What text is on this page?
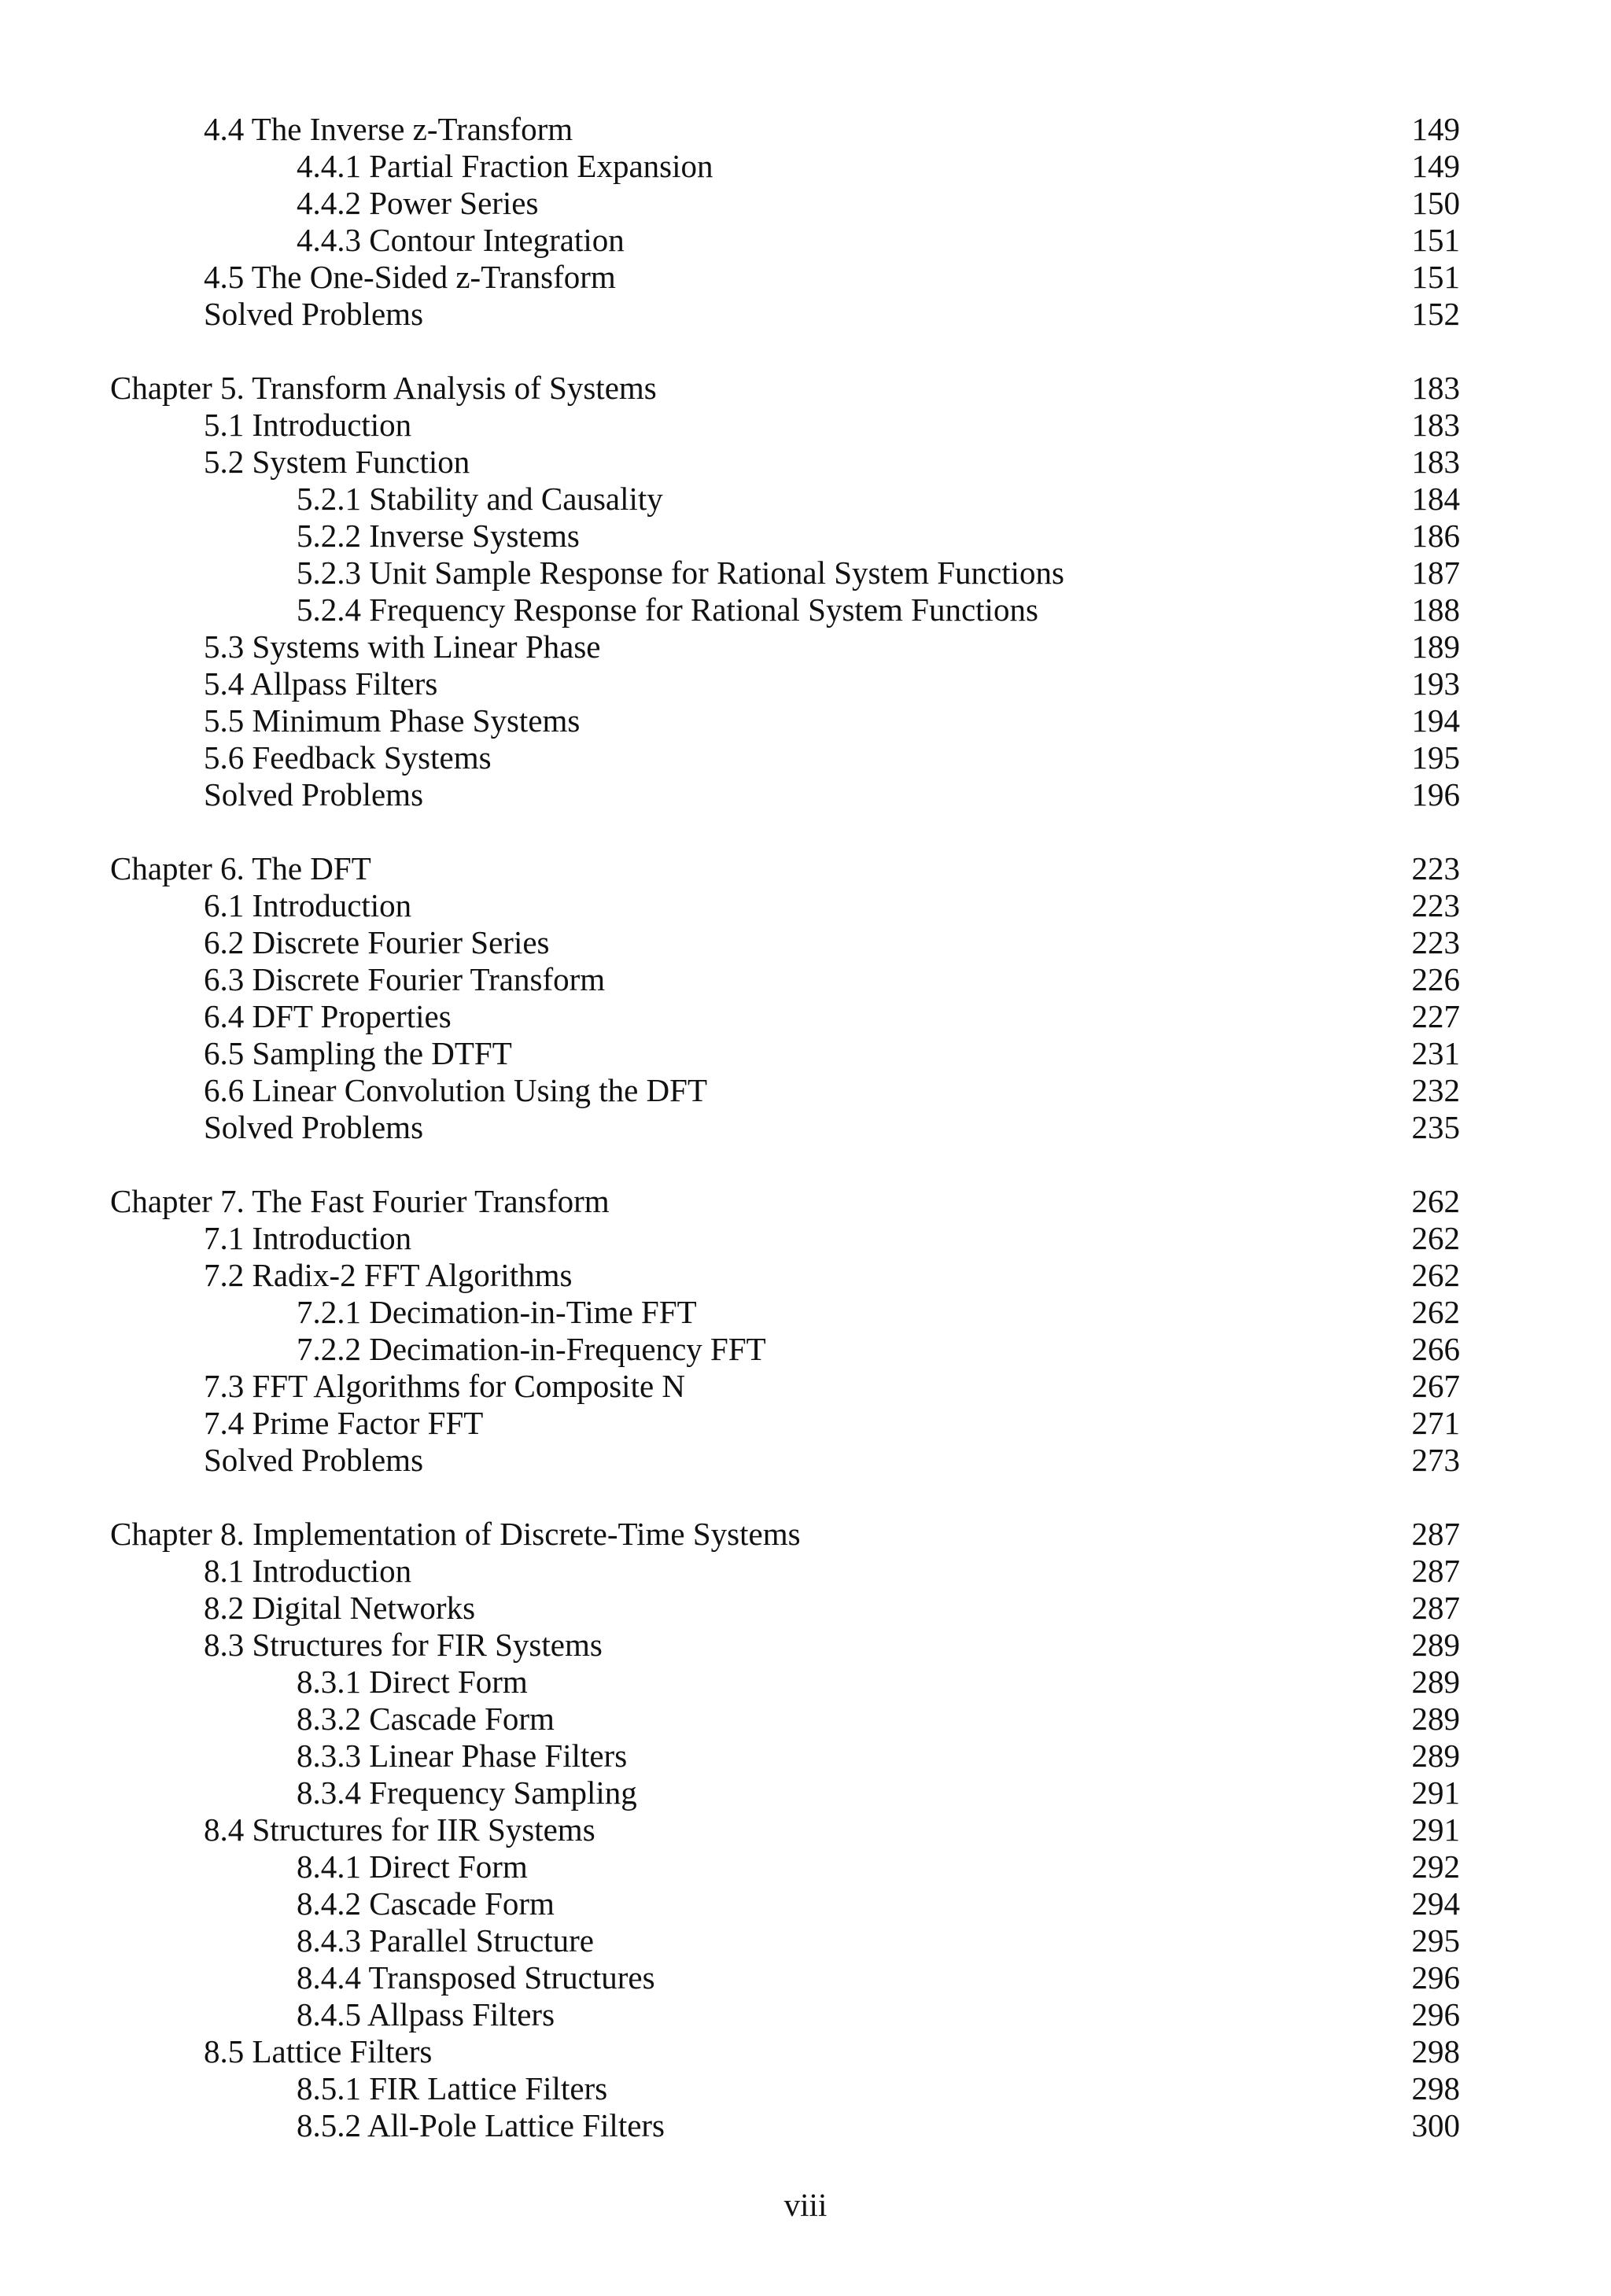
4.4 The Inverse z-Transform	149
4.4.1 Partial Fraction Expansion	149
4.4.2 Power Series	150
4.4.3 Contour Integration	151
4.5 The One-Sided z-Transform	151
Solved Problems	152
Chapter 5. Transform Analysis of Systems	183
5.1 Introduction	183
5.2 System Function	183
5.2.1 Stability and Causality	184
5.2.2 Inverse Systems	186
5.2.3 Unit Sample Response for Rational System Functions	187
5.2.4 Frequency Response for Rational System Functions	188
5.3 Systems with Linear Phase	189
5.4 Allpass Filters	193
5.5 Minimum Phase Systems	194
5.6 Feedback Systems	195
Solved Problems	196
Chapter 6. The DFT	223
6.1 Introduction	223
6.2 Discrete Fourier Series	223
6.3 Discrete Fourier Transform	226
6.4 DFT Properties	227
6.5 Sampling the DTFT	231
6.6 Linear Convolution Using the DFT	232
Solved Problems	235
Chapter 7. The Fast Fourier Transform	262
7.1 Introduction	262
7.2 Radix-2 FFT Algorithms	262
7.2.1 Decimation-in-Time FFT	262
7.2.2 Decimation-in-Frequency FFT	266
7.3 FFT Algorithms for Composite N	267
7.4 Prime Factor FFT	271
Solved Problems	273
Chapter 8. Implementation of Discrete-Time Systems	287
8.1 Introduction	287
8.2 Digital Networks	287
8.3 Structures for FIR Systems	289
8.3.1 Direct Form	289
8.3.2 Cascade Form	289
8.3.3 Linear Phase Filters	289
8.3.4 Frequency Sampling	291
8.4 Structures for IIR Systems	291
8.4.1 Direct Form	292
8.4.2 Cascade Form	294
8.4.3 Parallel Structure	295
8.4.4 Transposed Structures	296
8.4.5 Allpass Filters	296
8.5 Lattice Filters	298
8.5.1 FIR Lattice Filters	298
8.5.2 All-Pole Lattice Filters	300
viii
